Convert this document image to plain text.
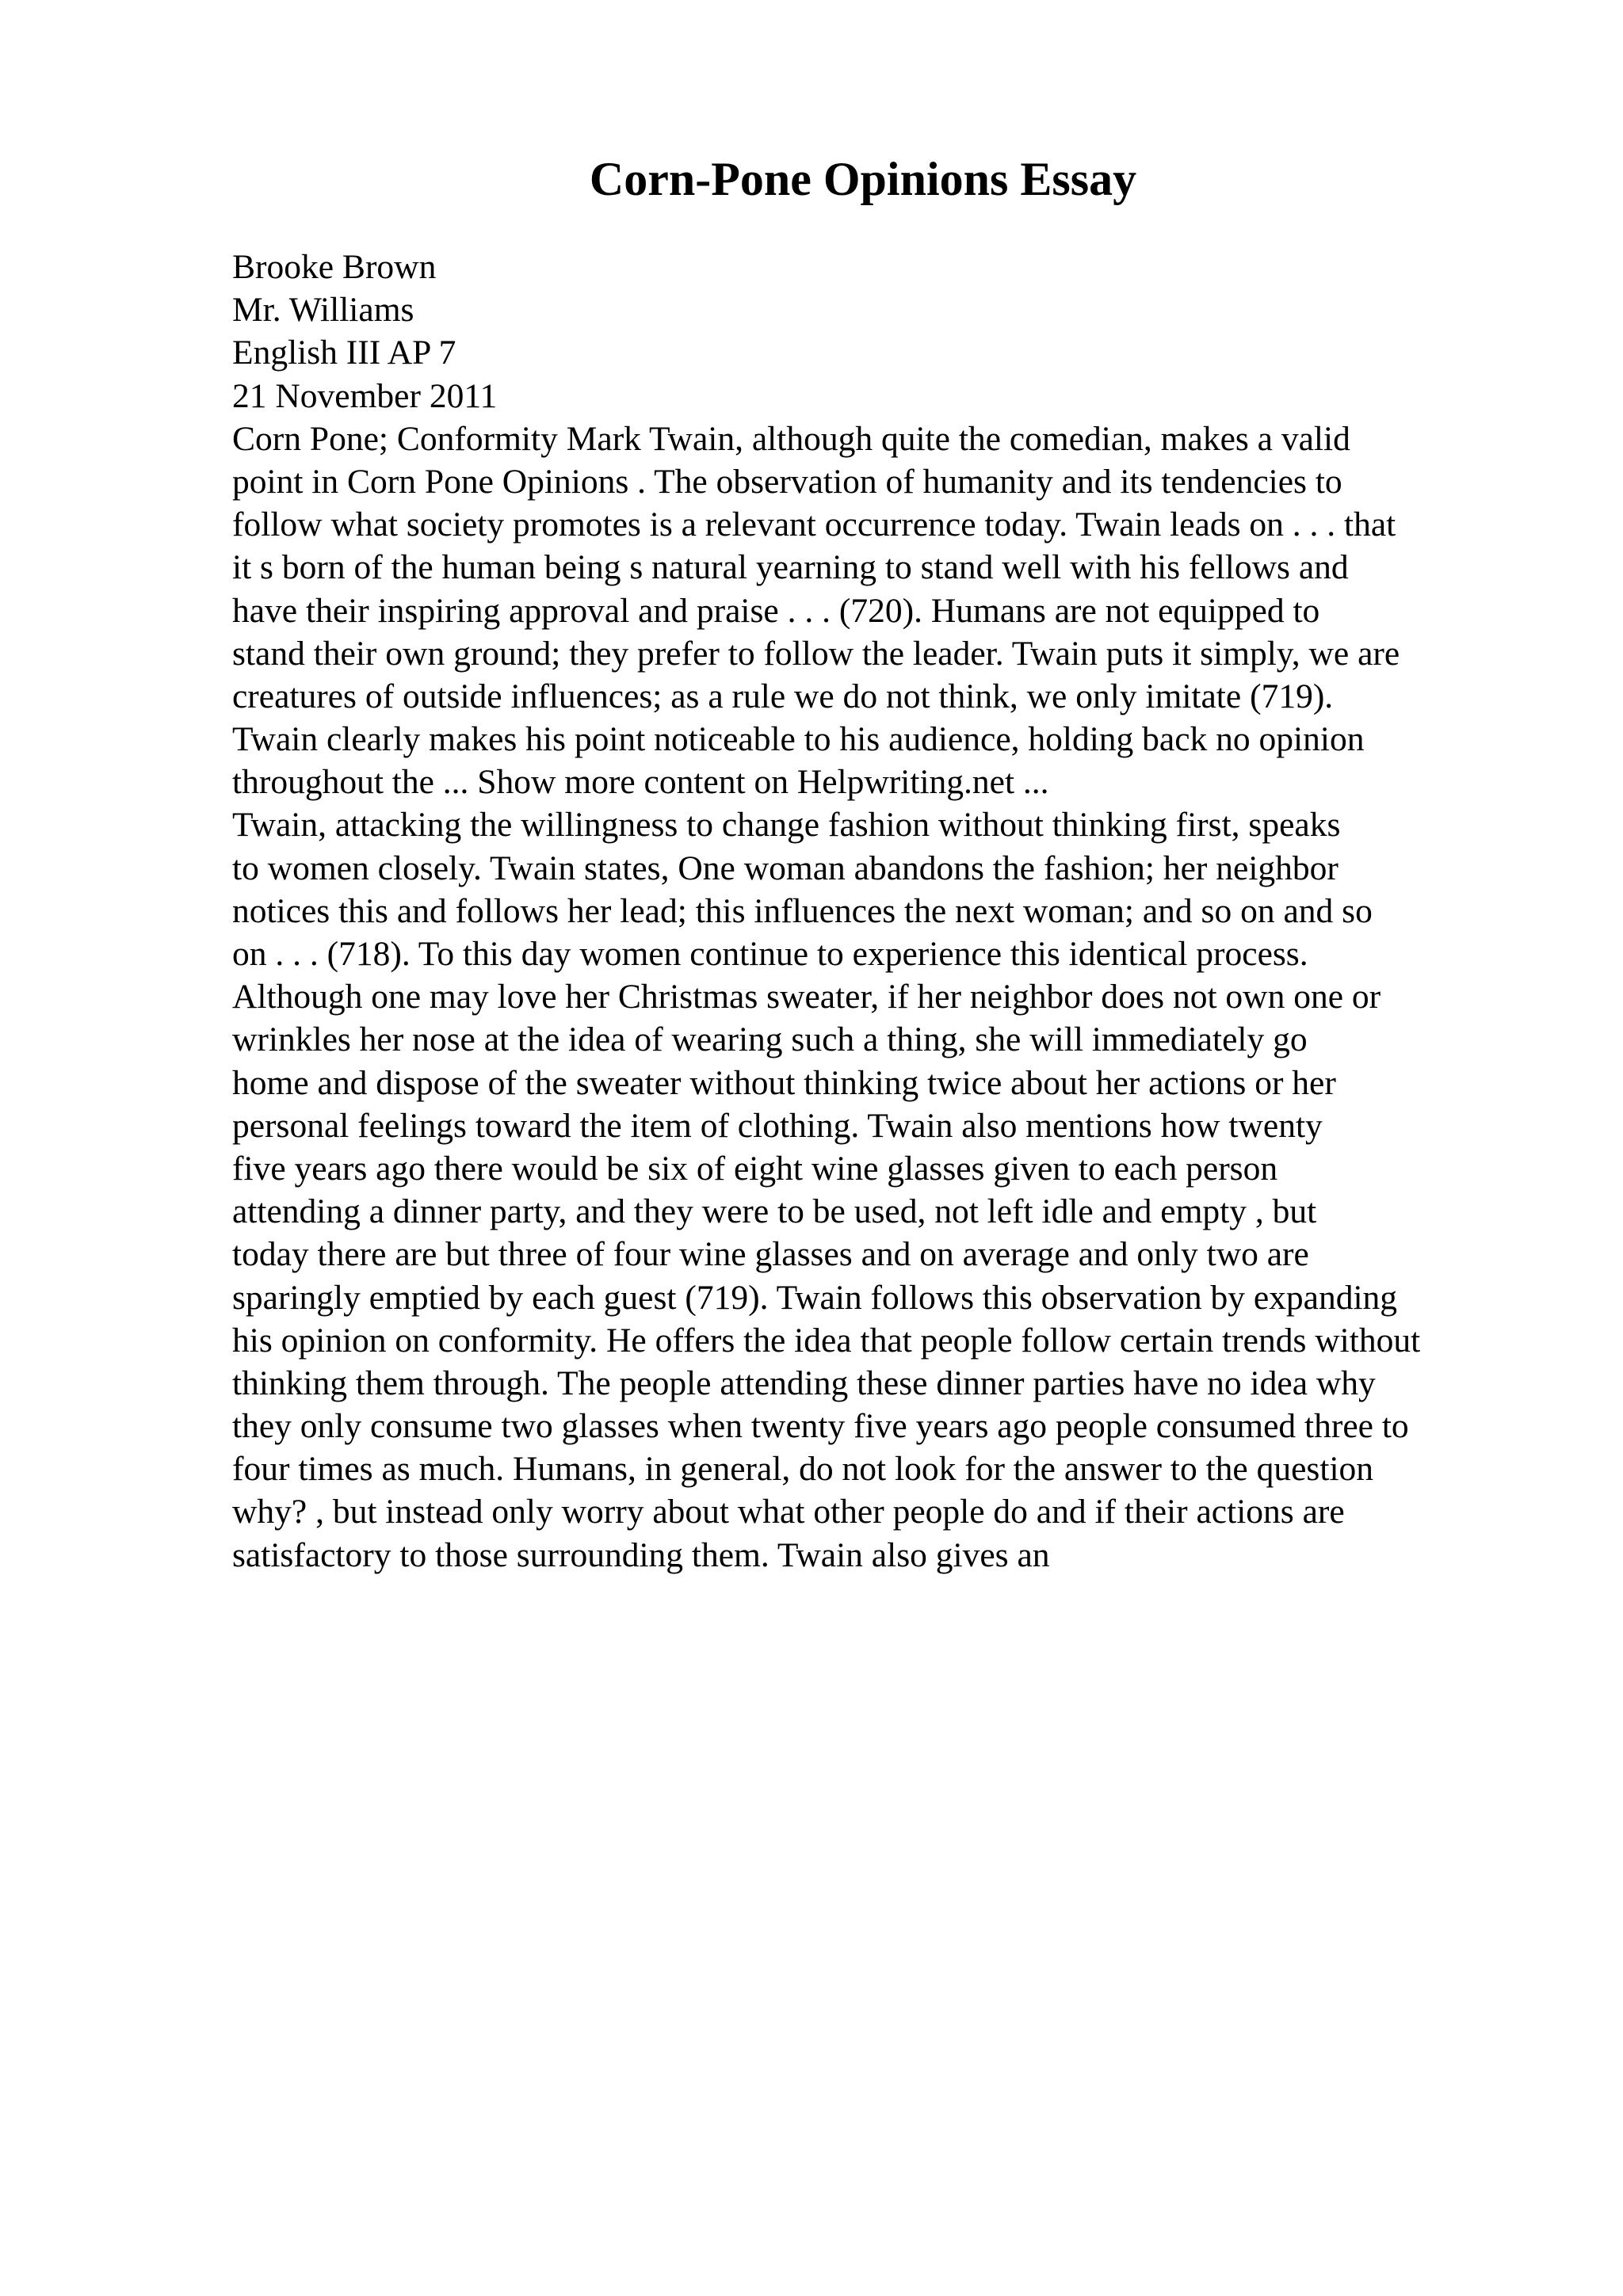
Corn-Pone Opinions Essay
Brooke Brown
Mr. Williams
English III AP 7
21 November 2011
Corn Pone; Conformity Mark Twain, although quite the comedian, makes a valid
point in Corn Pone Opinions . The observation of humanity and its tendencies to
follow what society promotes is a relevant occurrence today. Twain leads on . . . that
it s born of the human being s natural yearning to stand well with his fellows and
have their inspiring approval and praise . . . (720). Humans are not equipped to
stand their own ground; they prefer to follow the leader. Twain puts it simply, we are
creatures of outside influences; as a rule we do not think, we only imitate (719).
Twain clearly makes his point noticeable to his audience, holding back no opinion
throughout the ... Show more content on Helpwriting.net ...
Twain, attacking the willingness to change fashion without thinking first, speaks
to women closely. Twain states, One woman abandons the fashion; her neighbor
notices this and follows her lead; this influences the next woman; and so on and so
on . . . (718). To this day women continue to experience this identical process.
Although one may love her Christmas sweater, if her neighbor does not own one or
wrinkles her nose at the idea of wearing such a thing, she will immediately go
home and dispose of the sweater without thinking twice about her actions or her
personal feelings toward the item of clothing. Twain also mentions how twenty
five years ago there would be six of eight wine glasses given to each person
attending a dinner party, and they were to be used, not left idle and empty , but
today there are but three of four wine glasses and on average and only two are
sparingly emptied by each guest (719). Twain follows this observation by expanding
his opinion on conformity. He offers the idea that people follow certain trends without
thinking them through. The people attending these dinner parties have no idea why
they only consume two glasses when twenty five years ago people consumed three to
four times as much. Humans, in general, do not look for the answer to the question
why? , but instead only worry about what other people do and if their actions are
satisfactory to those surrounding them. Twain also gives an
